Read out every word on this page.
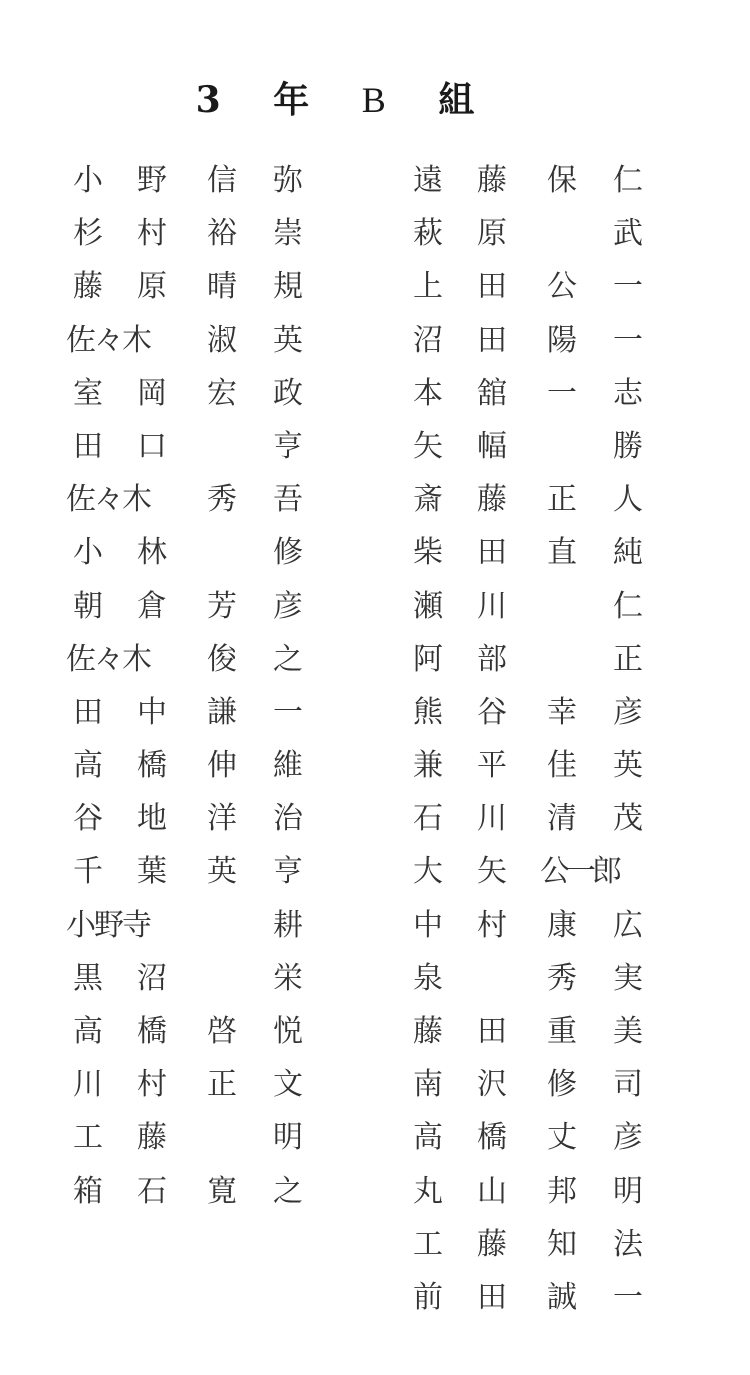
3 年 B 組
小 野 信 弥
杉 村 裕 崇
藤 原 晴 規
佐々木	淑 英
室 岡 宏 政
田 口	亨
佐々木	秀 吾
小 林	修
朝 倉 芳 彦
佐々木	俊 之
田 中 謙 一
高 橋 伸 維
谷 地 洋 治
千 葉 英 亨
小野寺	耕
黒 沼	栄
高 橋 啓 悦
川 村 正 文
工 藤	明
箱 石 寛 之
遠 藤 保 仁
萩 原	武
上 田 公 一
沼 田 陽 一
本 舘 一 志
矢 幅	勝
斎 藤 正 人
柴 田 直 純
瀬 川	仁
阿 部	正
熊 谷 幸 彦
兼 平 佳 英
石 川 清 茂
大 矢 公一郎
中 村 康 広
泉	秀 実
藤 田 重 美
南 沢 修 司
高 橋 丈 彦
丸 山 邦 明
工 藤 知 法
前 田 誠 一
